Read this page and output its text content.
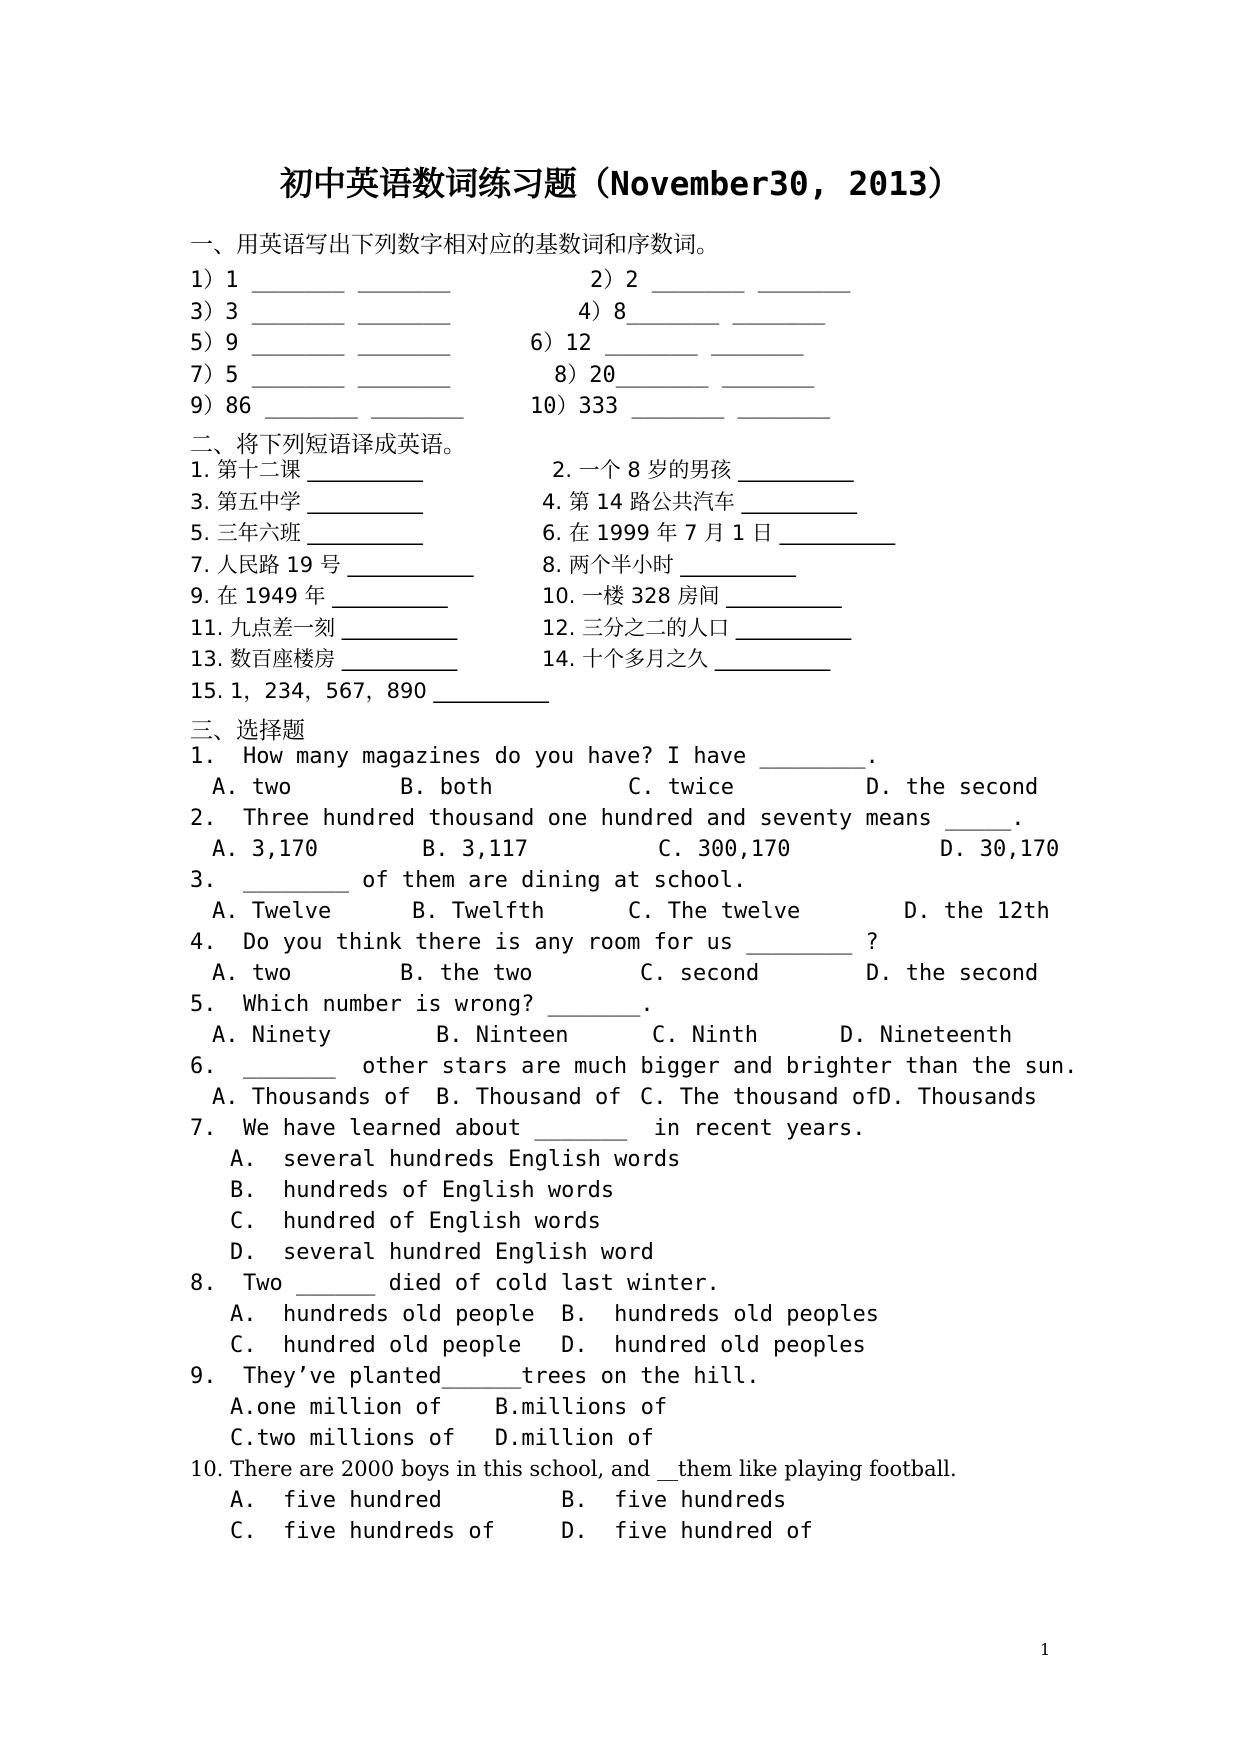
初中英语数词练习题（November30, 2013）
一、用英语写出下列数字相对应的基数词和序数词。
1）1 _______ _______	2）2 _______ _______
3）3 _______ _______	4）8_______ _______
5）9 _______ _______	6）12 _______ _______
7）5 _______ _______	8）20_______ _______
9）86 _______ _______	10）333 _______ _______
二、将下列短语译成英语。
1. 第十二课 ___________	2. 一个 8 岁的男孩 ___________
3. 第五中学 ___________	4. 第 14 路公共汽车 ___________
5. 三年六班 ___________	6. 在 1999 年 7 月 1 日 ___________
7. 人民路 19 号 ____________	8. 两个半小时 ___________
9. 在 1949 年 ___________	10. 一楼 328 房间 ___________
11. 九点差一刻 ___________	12. 三分之二的人口 ___________
13. 数百座楼房 ___________	14. 十个多月之久 ___________
15. 1，234，567，890 ___________
三、选择题
1.  How many magazines do you have? I have ________.
A. two	B. both	C. twice	D. the second
2.  Three hundred thousand one hundred and seventy means _____.
A. 3,170	B. 3,117	C. 300,170	D. 30,170
3.  ________ of them are dining at school.
A. Twelve	B. Twelfth	C. The twelve	D. the 12th
4.  Do you think there is any room for us ________ ?
A. two	B. the two	C. second	D. the second
5.  Which number is wrong? _______.
A. Ninety	B. Ninteen	C. Ninth	D. Nineteenth
6.  _______  other stars are much bigger and brighter than the sun.
A. Thousands of B. Thousand of C. The thousand of D. Thousands
7.  We have learned about _______  in recent years.
A.  several hundreds English words
B.  hundreds of English words
C.  hundred of English words
D.  several hundred English word
8.  Two ______ died of cold last winter.
A.  hundreds old people  B.  hundreds old peoples
C.  hundred old people   D.  hundred old peoples
9.  They’ve planted______trees on the hill.
A.one million of    B.millions of
C.two millions of   D.million of
10. There are 2000 boys in this school, and __them like playing football.
A.  five hundred         B.  five hundreds
C.  five hundreds of     D.  five hundred of
1
